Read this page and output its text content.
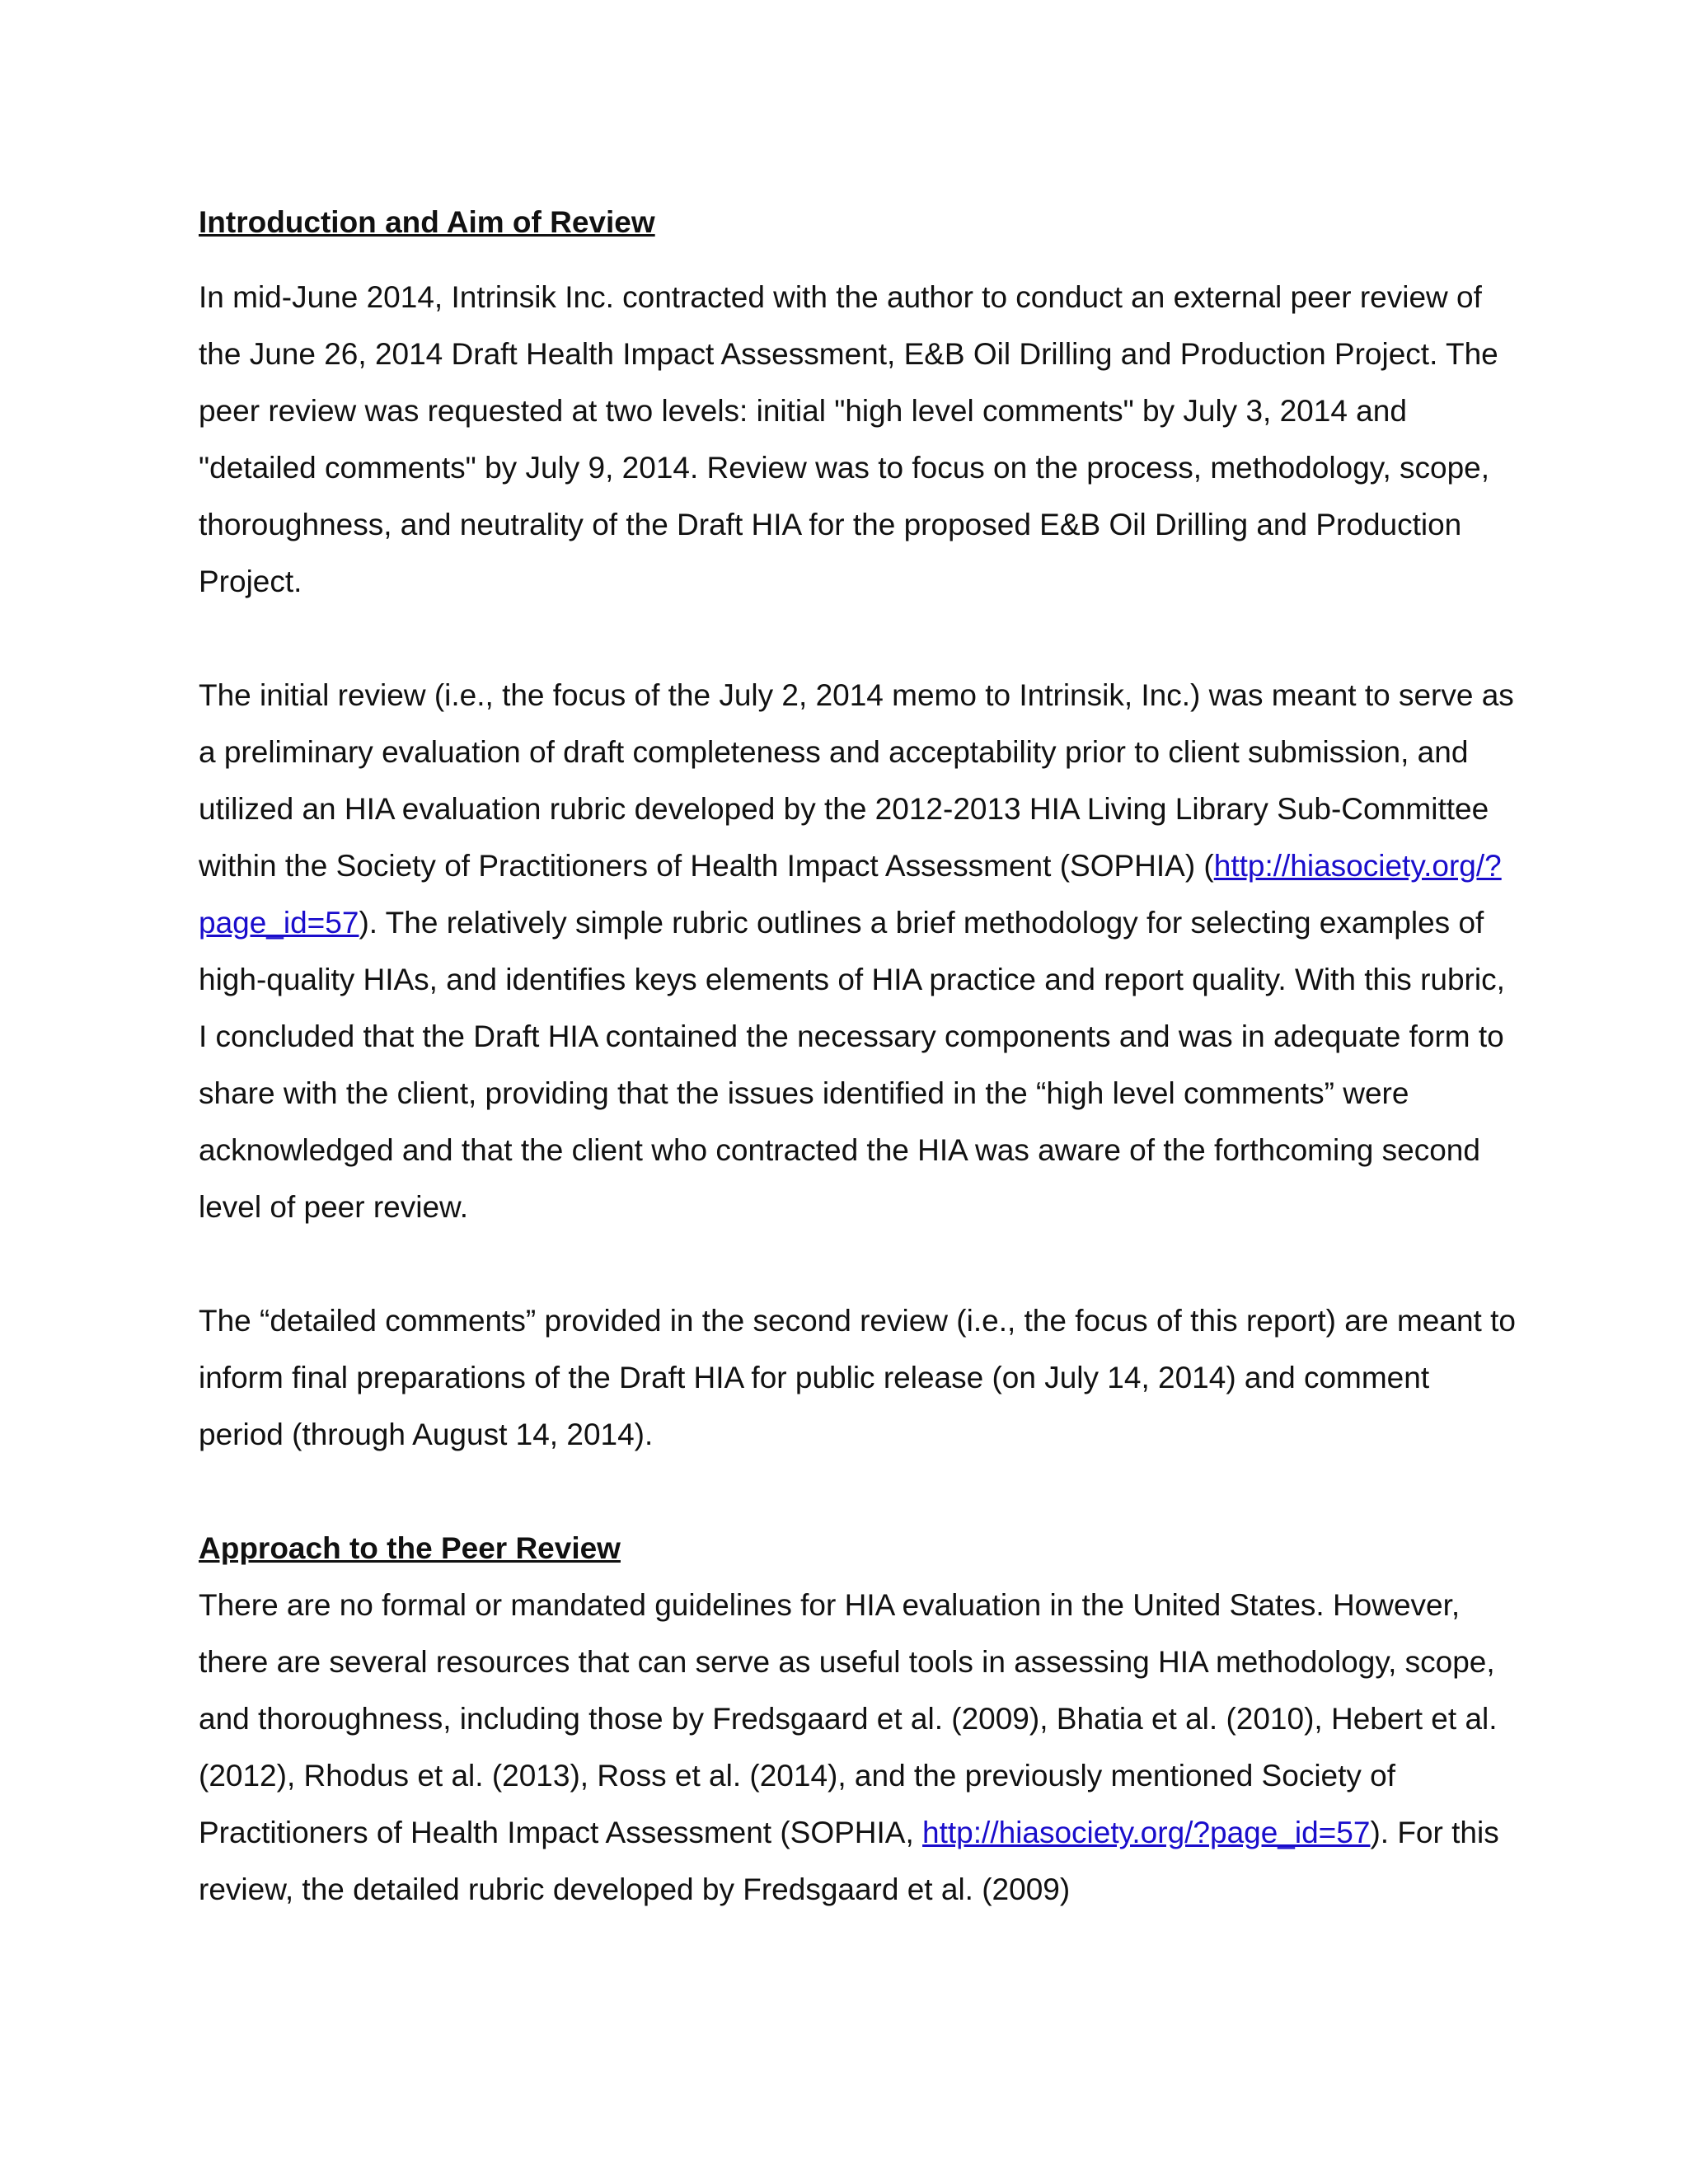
Introduction and Aim of Review

In mid-June 2014, Intrinsik Inc. contracted with the author to conduct an external peer review of the June 26, 2014 Draft Health Impact Assessment, E&B Oil Drilling and Production Project. The peer review was requested at two levels: initial "high level comments" by July 3, 2014 and "detailed comments" by July 9, 2014. Review was to focus on the process, methodology, scope, thoroughness, and neutrality of the Draft HIA for the proposed E&B Oil Drilling and Production Project.

The initial review (i.e., the focus of the July 2, 2014 memo to Intrinsik, Inc.) was meant to serve as a preliminary evaluation of draft completeness and acceptability prior to client submission, and utilized an HIA evaluation rubric developed by the 2012-2013 HIA Living Library Sub-Committee within the Society of Practitioners of Health Impact Assessment (SOPHIA) (http://hiasociety.org/?page_id=57). The relatively simple rubric outlines a brief methodology for selecting examples of high-quality HIAs, and identifies keys elements of HIA practice and report quality. With this rubric, I concluded that the Draft HIA contained the necessary components and was in adequate form to share with the client, providing that the issues identified in the “high level comments” were acknowledged and that the client who contracted the HIA was aware of the forthcoming second level of peer review.

The “detailed comments” provided in the second review (i.e., the focus of this report) are meant to inform final preparations of the Draft HIA for public release (on July 14, 2014) and comment period (through August 14, 2014).

Approach to the Peer Review

There are no formal or mandated guidelines for HIA evaluation in the United States. However, there are several resources that can serve as useful tools in assessing HIA methodology, scope, and thoroughness, including those by Fredsgaard et al. (2009), Bhatia et al. (2010), Hebert et al. (2012), Rhodus et al. (2013), Ross et al. (2014), and the previously mentioned Society of Practitioners of Health Impact Assessment (SOPHIA, http://hiasociety.org/?page_id=57). For this review, the detailed rubric developed by Fredsgaard et al. (2009)
